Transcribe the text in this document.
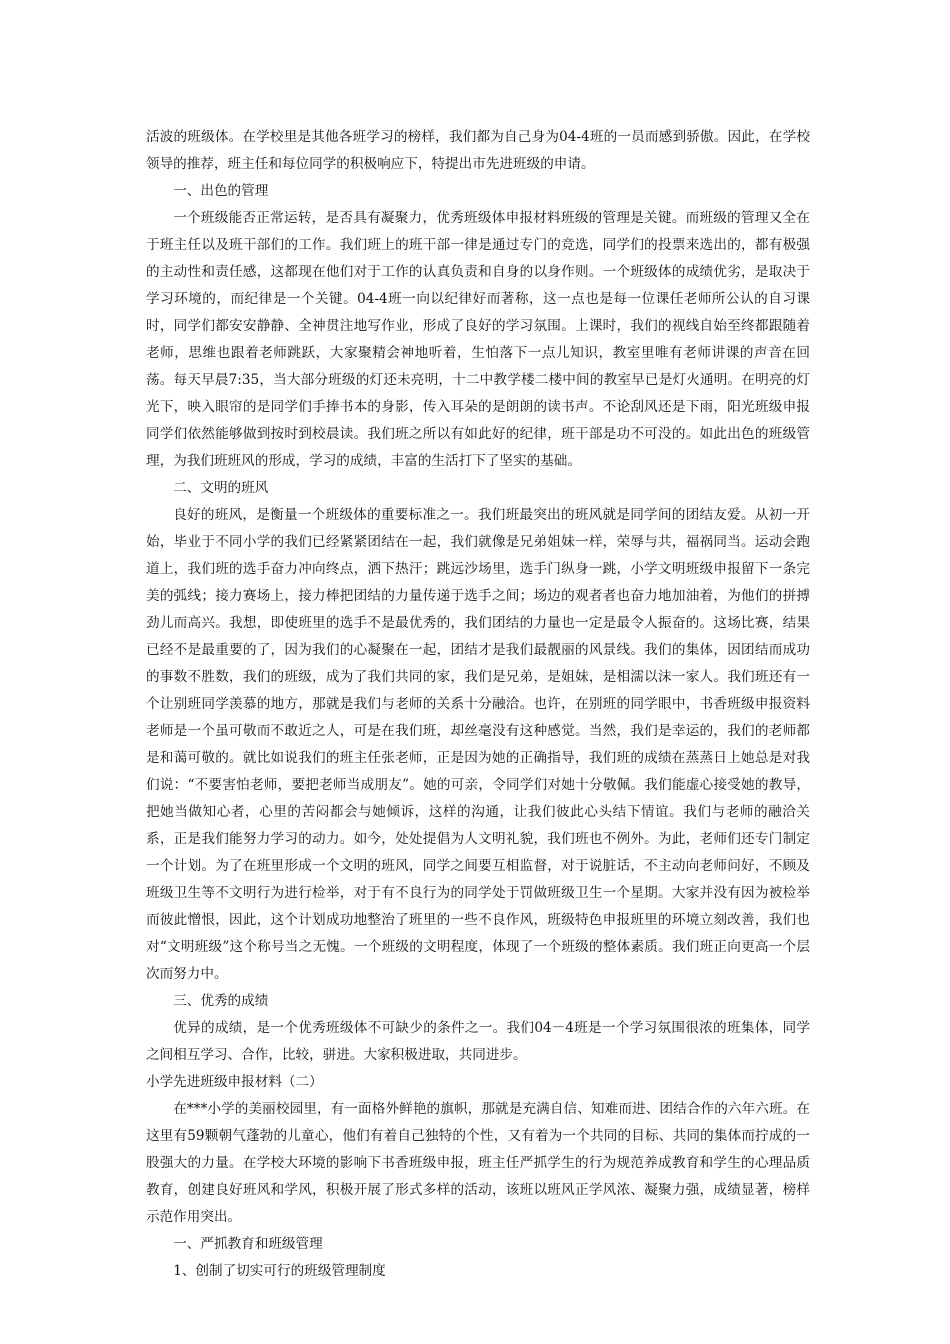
活波的班级体。在学校里是其他各班学习的榜样，我们都为自己身为04-4班的一员而感到骄傲。因此，在学校领导的推荐，班主任和每位同学的积极响应下，特提出市先进班级的申请。

一、出色的管理

一个班级能否正常运转，是否具有凝聚力，优秀班级体申报材料班级的管理是关键。而班级的管理又全在于班主任以及班干部们的工作。我们班上的班干部一律是通过专门的竞选，同学们的投票来选出的，都有极强的主动性和责任感，这都现在他们对于工作的认真负责和自身的以身作则。一个班级体的成绩优劣，是取决于学习环境的，而纪律是一个关键。04-4班一向以纪律好而著称，这一点也是每一位课任老师所公认的自习课时，同学们都安安静静、全神贯注地写作业，形成了良好的学习氛围。上课时，我们的视线自始至终都跟随着老师，思维也跟着老师跳跃，大家聚精会神地听着，生怕落下一点儿知识，教室里唯有老师讲课的声音在回荡。每天早晨7:35，当大部分班级的灯还未亮明，十二中教学楼二楼中间的教室早已是灯火通明。在明亮的灯光下，映入眼帘的是同学们手捧书本的身影，传入耳朵的是朗朗的读书声。不论刮风还是下雨，阳光班级申报同学们依然能够做到按时到校晨读。我们班之所以有如此好的纪律，班干部是功不可没的。如此出色的班级管理，为我们班班风的形成，学习的成绩，丰富的生活打下了坚实的基础。

二、文明的班风

良好的班风，是衡量一个班级体的重要标准之一。我们班最突出的班风就是同学间的团结友爱。从初一开始，毕业于不同小学的我们已经紧紧团结在一起，我们就像是兄弟姐妹一样，荣辱与共，福祸同当。运动会跑道上，我们班的选手奋力冲向终点，洒下热汗；跳远沙场里，选手门纵身一跳，小学文明班级申报留下一条完美的弧线；接力赛场上，接力棒把团结的力量传递于选手之间；场边的观者者也奋力地加油着，为他们的拼搏劲儿而高兴。我想，即使班里的选手不是最优秀的，我们团结的力量也一定是最令人振奋的。这场比赛，结果已经不是最重要的了，因为我们的心凝聚在一起，团结才是我们最靓丽的风景线。我们的集体，因团结而成功的事数不胜数，我们的班级，成为了我们共同的家，我们是兄弟，是姐妹，是相濡以沫一家人。我们班还有一个让别班同学羡慕的地方，那就是我们与老师的关系十分融洽。也许，在别班的同学眼中，书香班级申报资料老师是一个虽可敬而不敢近之人，可是在我们班，却丝毫没有这种感觉。当然，我们是幸运的，我们的老师都是和蔼可敬的。就比如说我们的班主任张老师，正是因为她的正确指导，我们班的成绩在蒸蒸日上她总是对我们说：“不要害怕老师，要把老师当成朋友”。她的可亲，令同学们对她十分敬佩。我们能虚心接受她的教导，把她当做知心者，心里的苦闷都会与她倾诉，这样的沟通，让我们彼此心头结下情谊。我们与老师的融洽关系，正是我们能努力学习的动力。如今，处处提倡为人文明礼貌，我们班也不例外。为此，老师们还专门制定一个计划。为了在班里形成一个文明的班风，同学之间要互相监督，对于说脏话，不主动向老师问好，不顾及班级卫生等不文明行为进行检举，对于有不良行为的同学处于罚做班级卫生一个星期。大家并没有因为被检举而彼此憎恨，因此，这个计划成功地整治了班里的一些不良作风，班级特色申报班里的环境立刻改善，我们也对“文明班级”这个称号当之无愧。一个班级的文明程度，体现了一个班级的整体素质。我们班正向更高一个层次而努力中。

三、优秀的成绩

优异的成绩，是一个优秀班级体不可缺少的条件之一。我们04－4班是一个学习氛围很浓的班集体，同学之间相互学习、合作，比较，骈进。大家积极进取，共同进步。

小学先进班级申报材料（二）

在***小学的美丽校园里，有一面格外鲜艳的旗帜，那就是充满自信、知难而进、团结合作的六年六班。在这里有59颗朝气蓬勃的儿童心，他们有着自己独特的个性，又有着为一个共同的目标、共同的集体而拧成的一股强大的力量。在学校大环境的影响下书香班级申报，班主任严抓学生的行为规范养成教育和学生的心理品质教育，创建良好班风和学风，积极开展了形式多样的活动，该班以班风正学风浓、凝聚力强，成绩显著，榜样示范作用突出。

一、严抓教育和班级管理

1、创制了切实可行的班级管理制度
